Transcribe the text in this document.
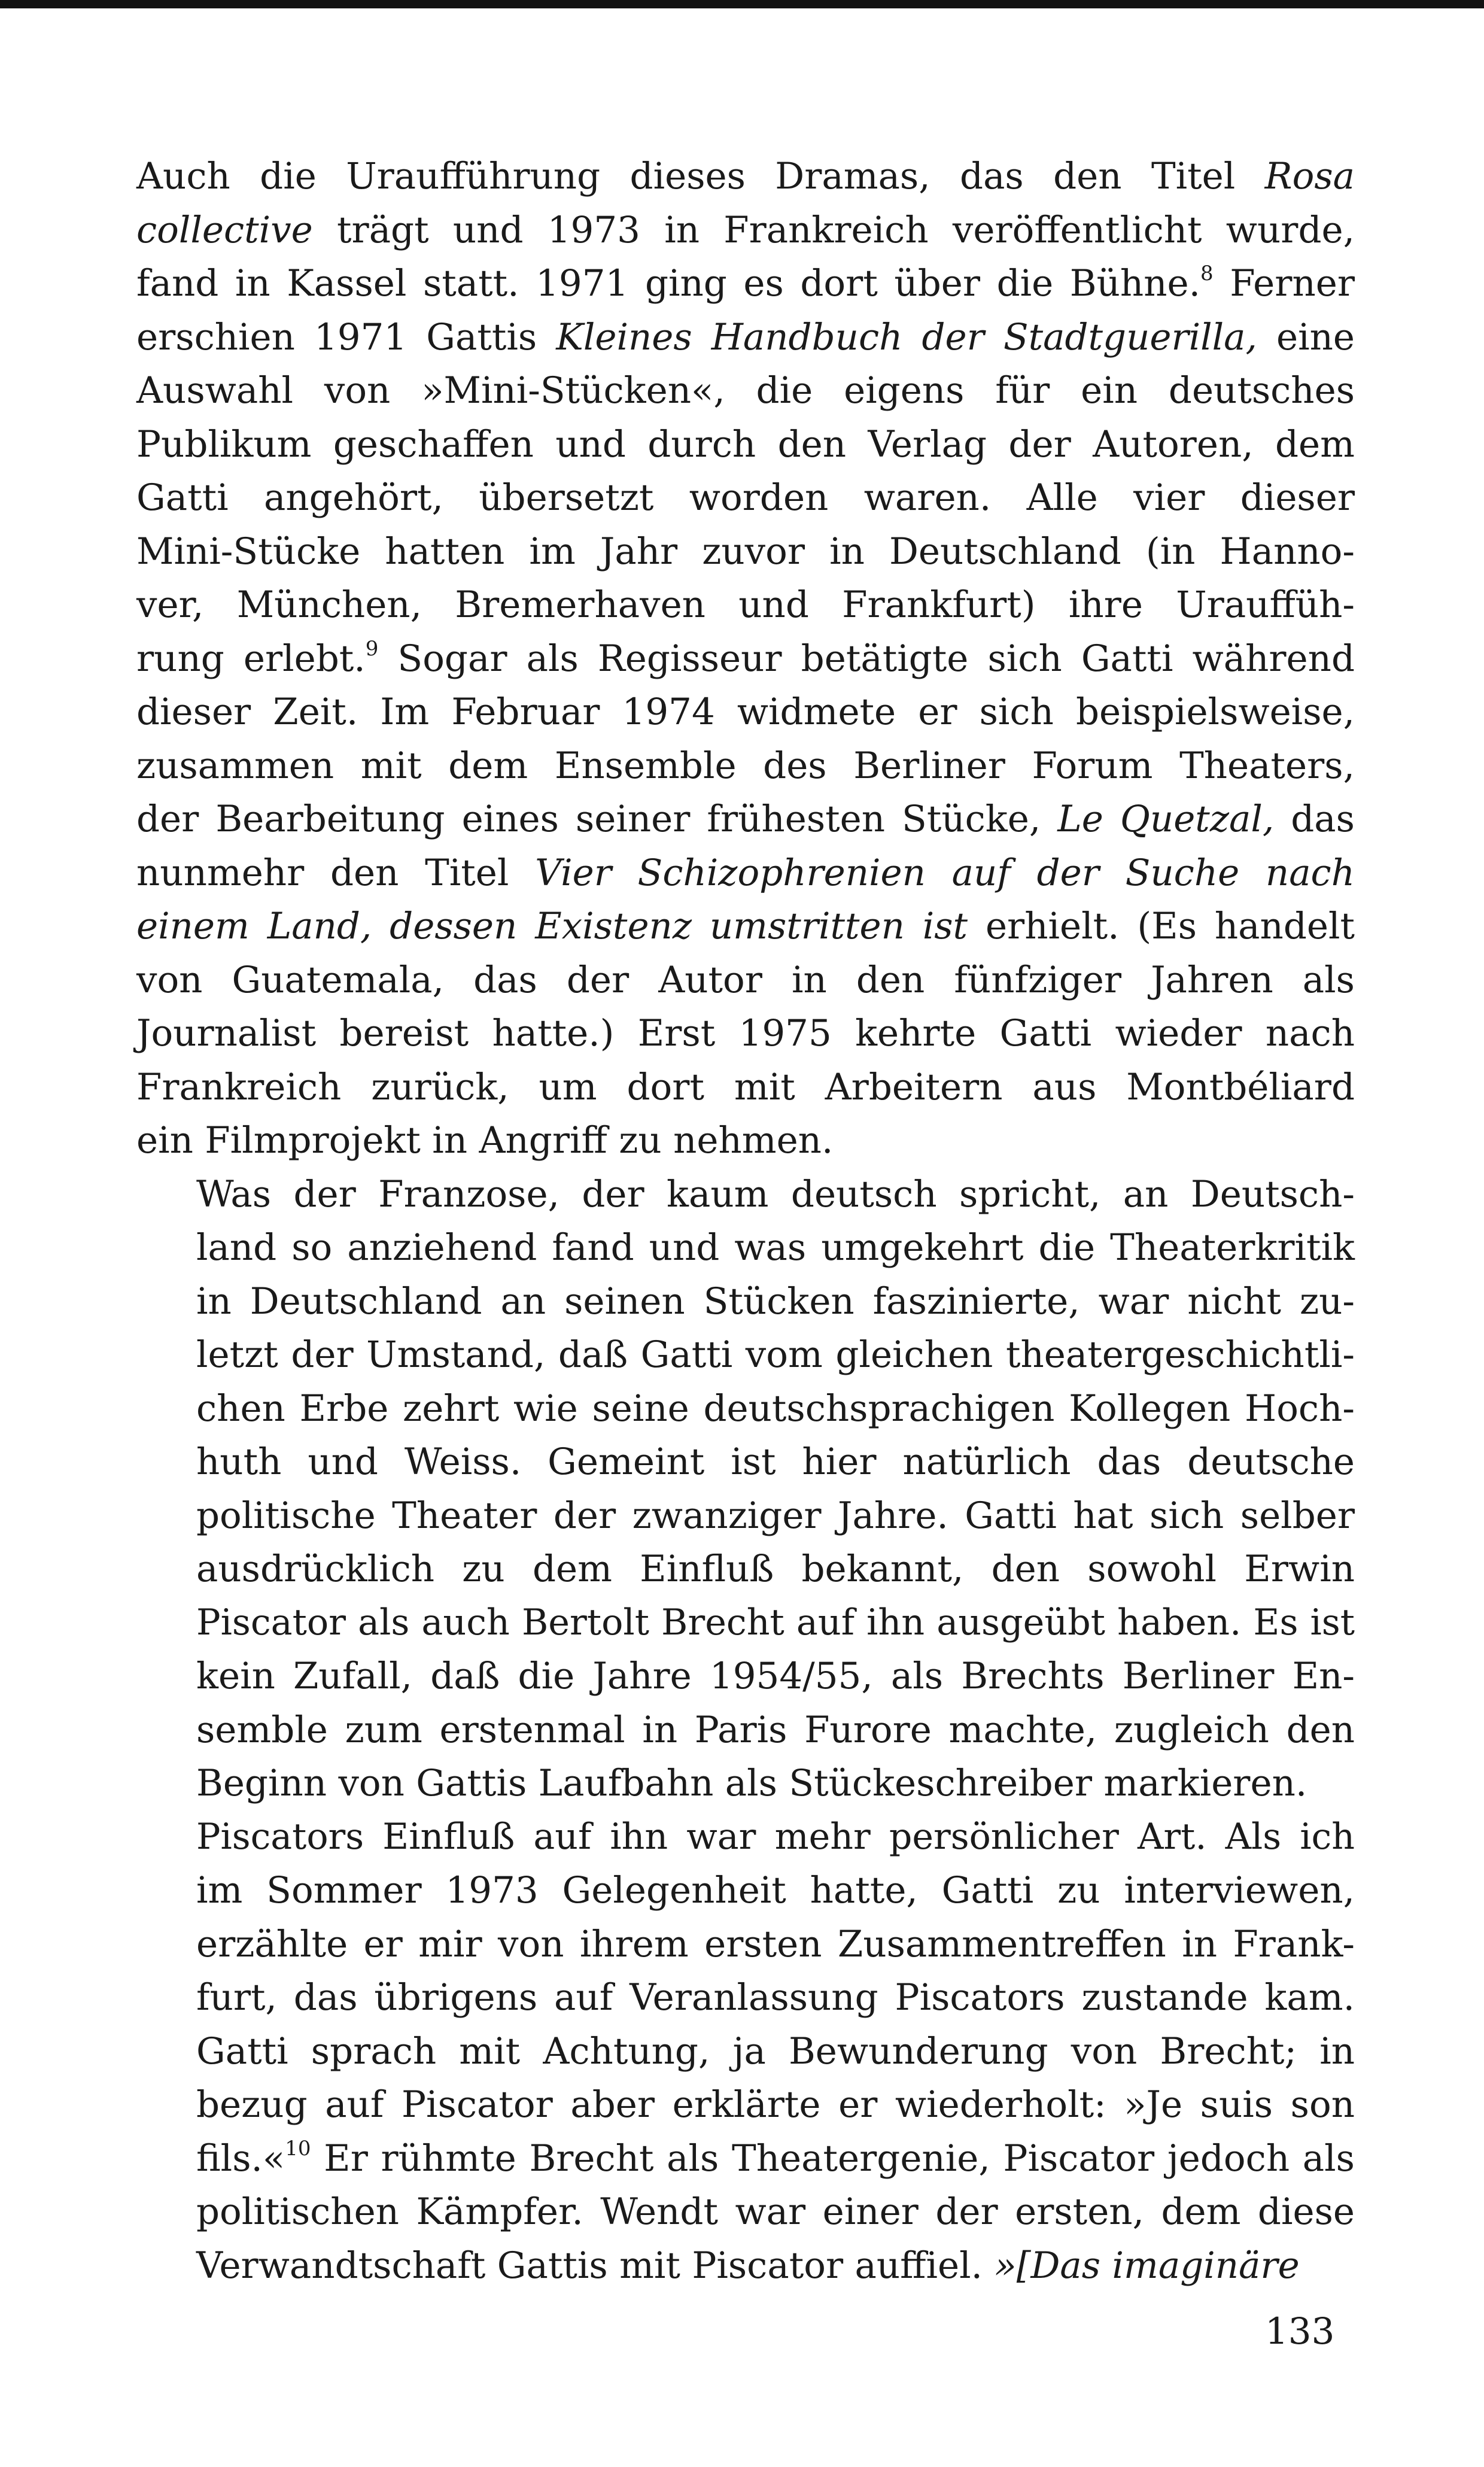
Auch die Uraufführung dieses Dramas, das den Titel Rosa
collective trägt und 1973 in Frankreich veröffentlicht wurde,
fand in Kassel statt. 1971 ging es dort über die Bühne.$^8$ Ferner
erschien 1971 Gattis Kleines Handbuch der Stadtguerilla, eine
Auswahl von »Mini-Stücken«, die eigens für ein deutsches
Publikum geschaffen und durch den Verlag der Autoren, dem
Gatti angehört, übersetzt worden waren. Alle vier dieser
Mini-Stücke hatten im Jahr zuvor in Deutschland (in Hanno-
ver, München, Bremerhaven und Frankfurt) ihre Urauffüh-
rung erlebt.$^9$ Sogar als Regisseur betätigte sich Gatti während
dieser Zeit. Im Februar 1974 widmete er sich beispielsweise,
zusammen mit dem Ensemble des Berliner Forum Theaters,
der Bearbeitung eines seiner frühesten Stücke, Le Quetzal, das
nunmehr den Titel Vier Schizophrenien auf der Suche nach
einem Land, dessen Existenz umstritten ist erhielt. (Es handelt
von Guatemala, das der Autor in den fünfziger Jahren als
Journalist bereist hatte.) Erst 1975 kehrte Gatti wieder nach
Frankreich zurück, um dort mit Arbeitern aus Montbéliard
ein Filmprojekt in Angriff zu nehmen.

Was der Franzose, der kaum deutsch spricht, an Deutsch-
land so anziehend fand und was umgekehrt die Theaterkritik
in Deutschland an seinen Stücken faszinierte, war nicht zu-
letzt der Umstand, daß Gatti vom gleichen theatergeschichtli-
chen Erbe zehrt wie seine deutschsprachigen Kollegen Hoch-
huth und Weiss. Gemeint ist hier natürlich das deutsche
politische Theater der zwanziger Jahre. Gatti hat sich selber
ausdrücklich zu dem Einfluß bekannt, den sowohl Erwin
Piscator als auch Bertolt Brecht auf ihn ausgeübt haben. Es ist
kein Zufall, daß die Jahre 1954/55, als Brechts Berliner En-
semble zum erstenmal in Paris Furore machte, zugleich den
Beginn von Gattis Laufbahn als Stückeschreiber markieren.

Piscators Einfluß auf ihn war mehr persönlicher Art. Als ich
im Sommer 1973 Gelegenheit hatte, Gatti zu interviewen,
erzählte er mir von ihrem ersten Zusammentreffen in Frank-
furt, das übrigens auf Veranlassung Piscators zustande kam.
Gatti sprach mit Achtung, ja Bewunderung von Brecht; in
bezug auf Piscator aber erklärte er wiederholt: »Je suis son
fils.«$^{10}$ Er rühmte Brecht als Theatergenie, Piscator jedoch als
politischen Kämpfer. Wendt war einer der ersten, dem diese
Verwandtschaft Gattis mit Piscator auffiel. »[Das imaginäre

133
